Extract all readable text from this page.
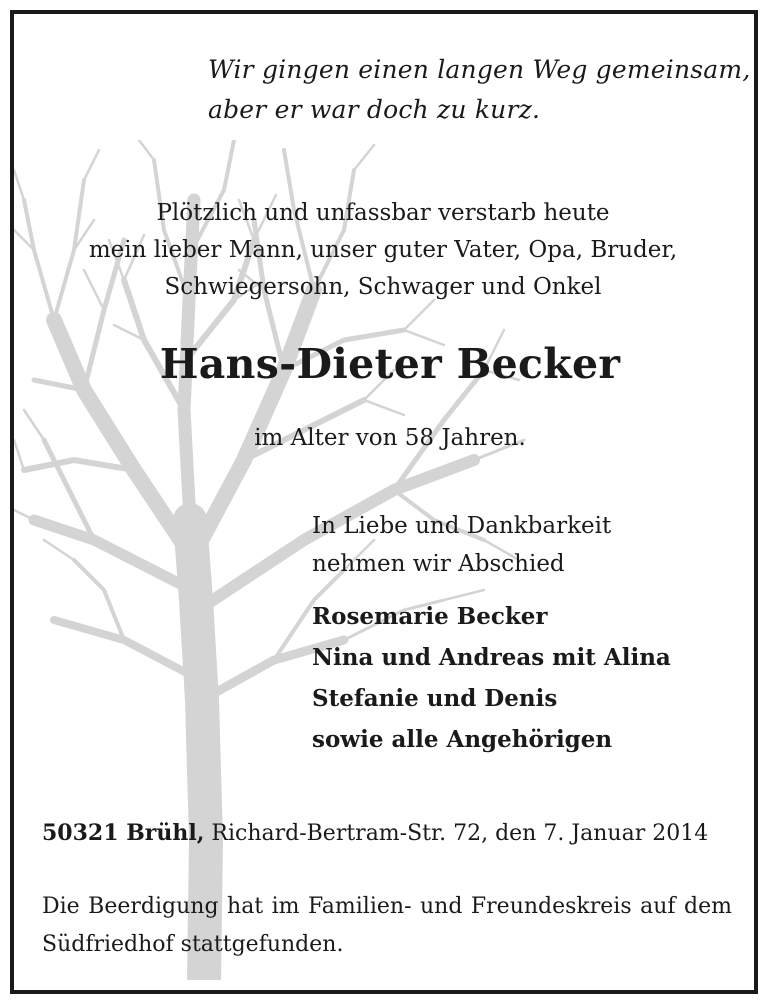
Wir gingen einen langen Weg gemeinsam,
aber er war doch zu kurz.
Plötzlich und unfassbar verstarb heute
mein lieber Mann, unser guter Vater, Opa, Bruder,
Schwiegersohn, Schwager und Onkel
Hans-Dieter Becker
im Alter von 58 Jahren.
In Liebe und Dankbarkeit
nehmen wir Abschied
Rosemarie Becker
Nina und Andreas mit Alina
Stefanie und Denis
sowie alle Angehörigen
50321 Brühl, Richard-Bertram-Str. 72, den 7. Januar 2014
Die Beerdigung hat im Familien- und Freundeskreis auf dem Südfriedhof stattgefunden.
